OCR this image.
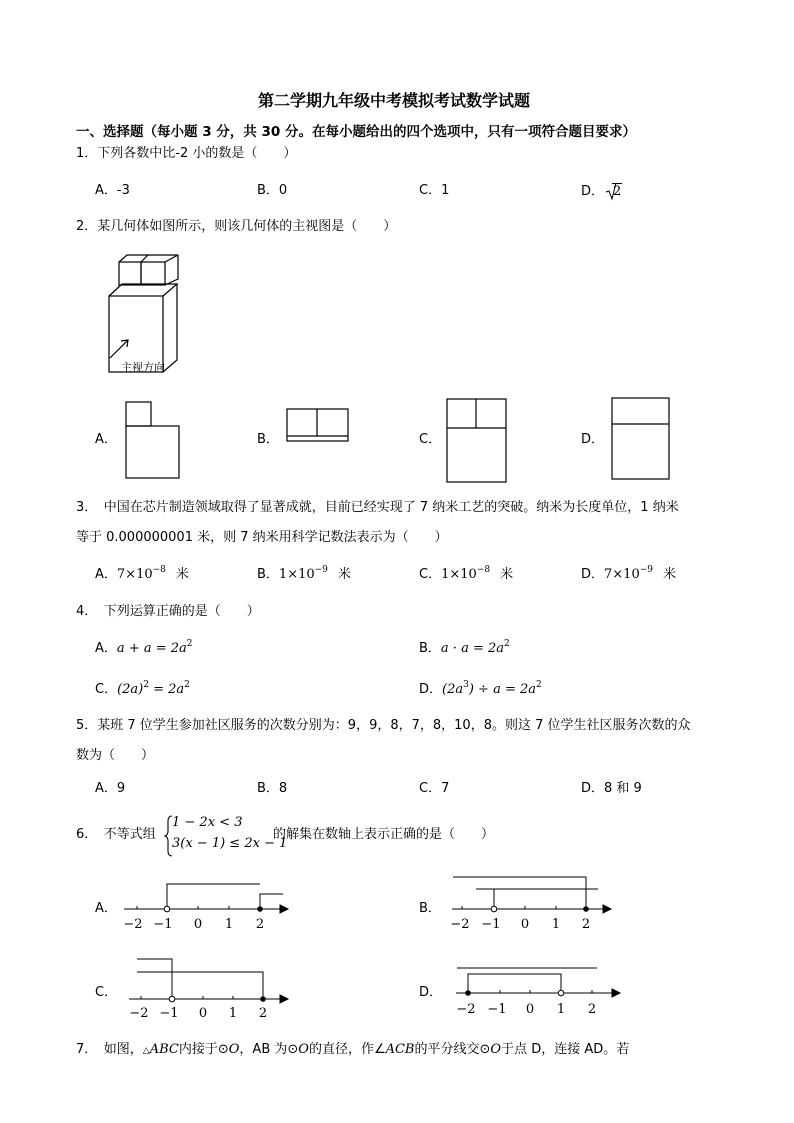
第二学期九年级中考模拟考试数学试题
一、选择题（每小题 3 分，共 30 分。在每小题给出的四个选项中，只有一项符合题目要求）
1．下列各数中比-2 小的数是（　　）
A．-3	B．0	C．1	D． 2
2．某几何体如图所示，则该几何体的主视图是（　　）
主视方向
A．	B．	C．	D．
3．　中国在芯片制造领域取得了显著成就，目前已经实现了 7 纳米工艺的突破。纳米为长度单位，1 纳米
等于 0.000000001 米，则 7 纳米用科学记数法表示为（　　）
A．$7\times 10^{-8}$ 米	B．$1\times 10^{-9}$ 米	C．$1\times 10^{-8}$ 米	D．$7\times 10^{-9}$ 米
4．　下列运算正确的是（　　）
A．$a + a = 2a^2$	B．$a \cdot a = 2a^2$
C．$(2a)^2 = 2a^2$	D．$(2a^3) \div a = 2a^2$
5．某班 7 位学生参加社区服务的次数分别为：9，9，8，7，8，10，8。则这 7 位学生社区服务次数的众
数为（　　）
A．9	B．8	C．7	D．8 和 9
6．　不等式组
1 − 2x < 3
3(x − 1) ≤ 2x − 1
的解集在数轴上表示正确的是（　　）
A．	B．
C．	D．
−2 −1 0 1 2	−2 −1 0 1 2
−2 −1 0 1 2	−2 −1 0 1 2
7．　如图，△ABC内接于⊙O，AB 为⊙O的直径，作∠ACB的平分线交⊙O于点 D，连接 AD。若
